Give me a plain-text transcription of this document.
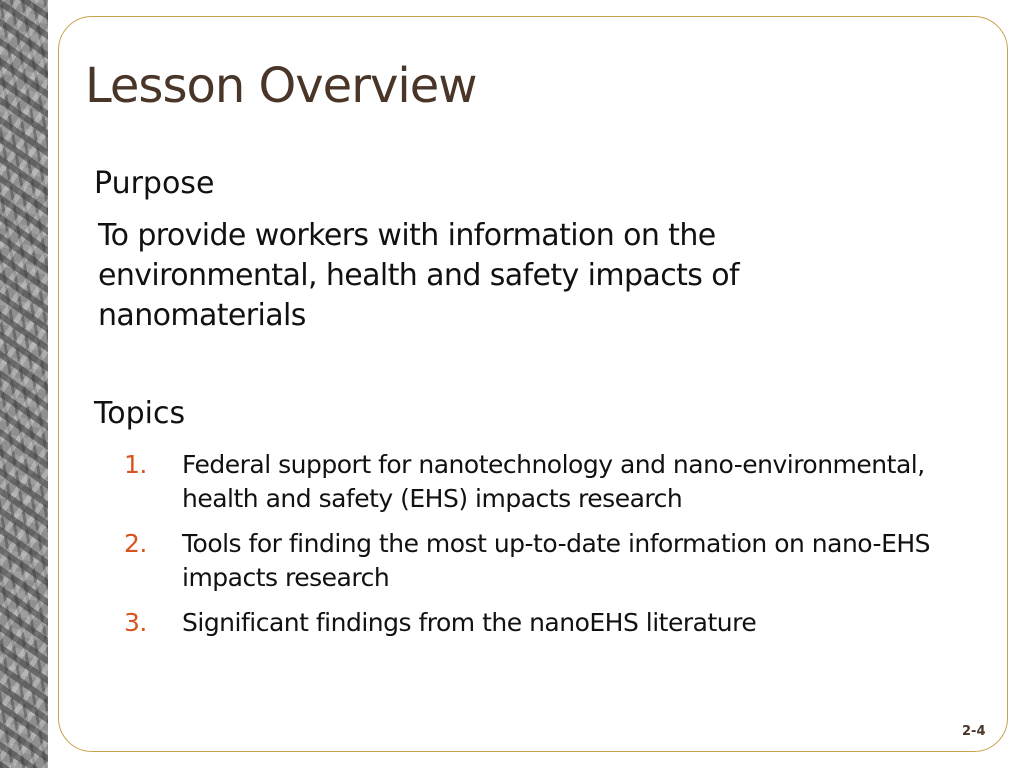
Lesson Overview
Purpose

To provide workers with information on the environmental, health and safety impacts of nanomaterials

Topics
1. Federal support for nanotechnology and nano-environmental, health and safety (EHS) impacts research
2. Tools for finding the most up-to-date information on nano-EHS impacts research
3. Significant findings from the nanoEHS literature
2-4
